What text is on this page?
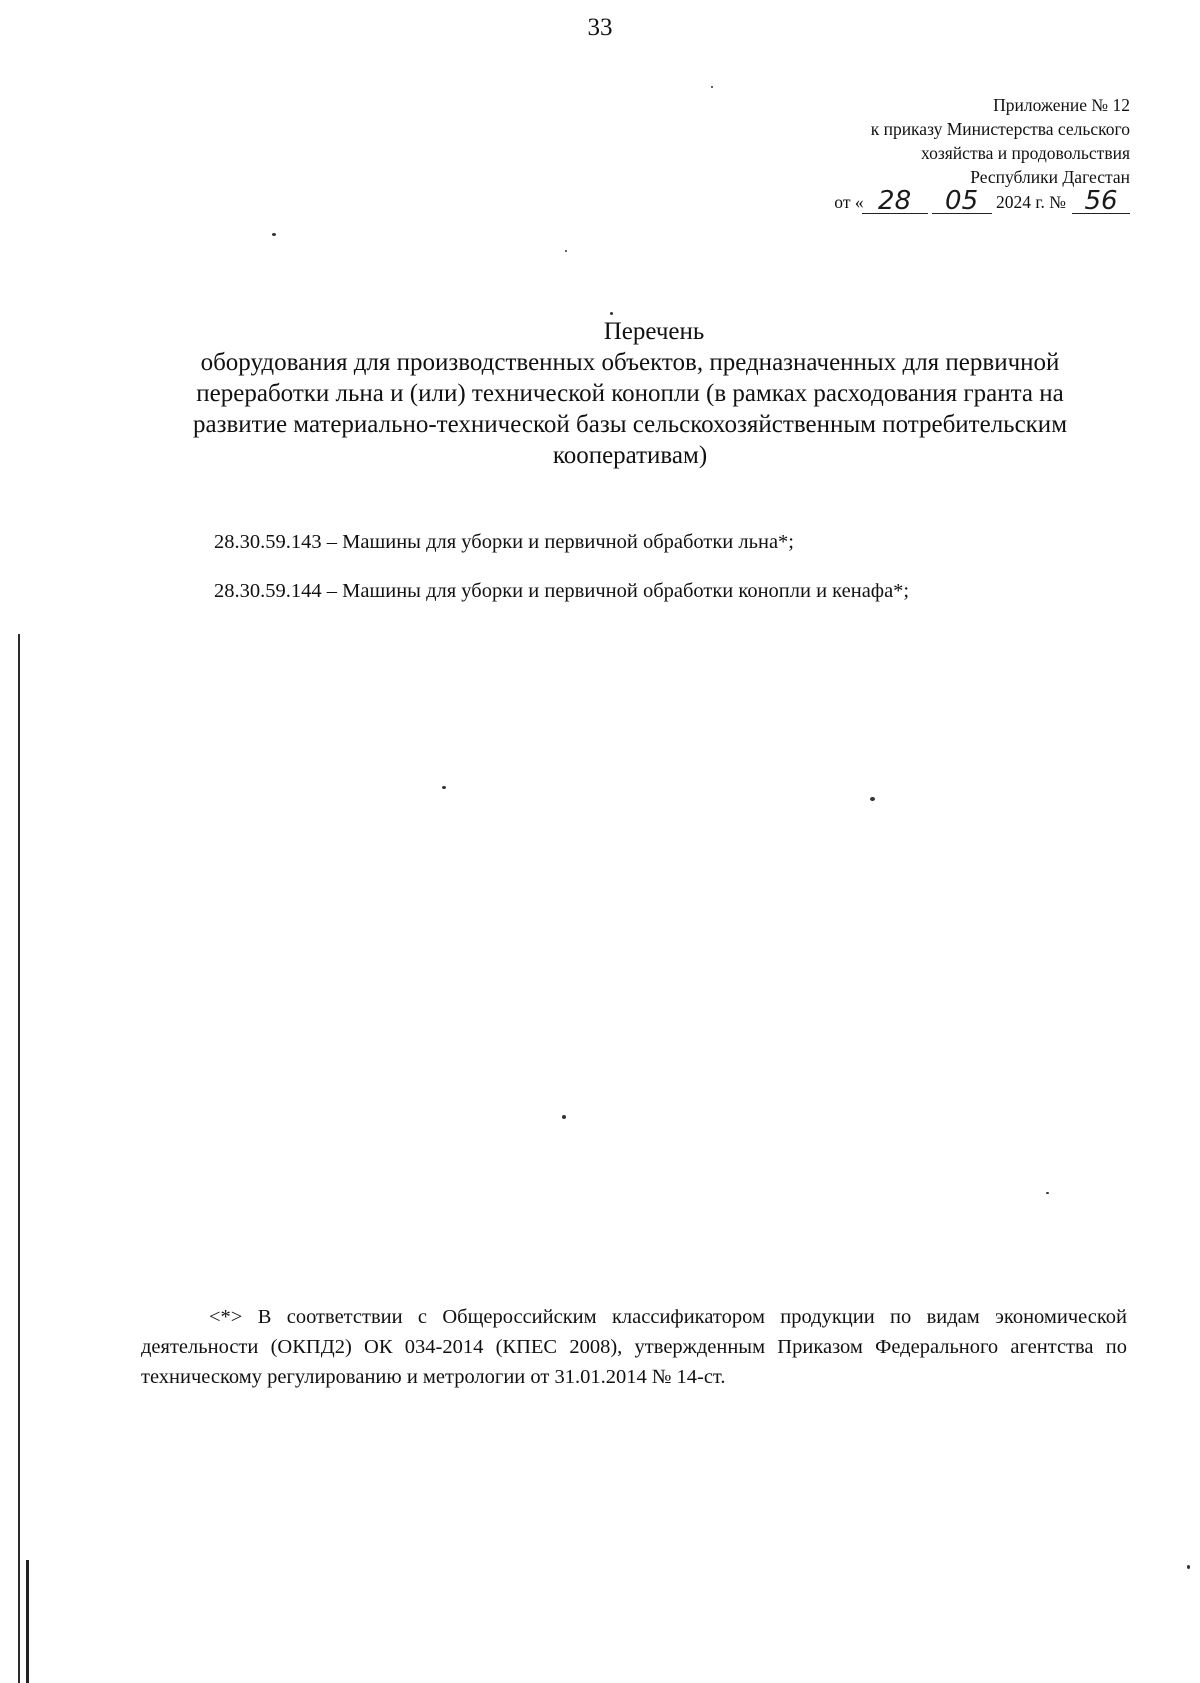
33
Приложение № 12
к приказу Министерства сельского
хозяйства и продовольствия
Республики Дагестан
от « 28 05 2024 г. № 56
Перечень
оборудования для производственных объектов, предназначенных для первичной переработки льна и (или) технической конопли (в рамках расходования гранта на развитие материально-технической базы сельскохозяйственным потребительским кооперативам)
28.30.59.143 – Машины для уборки и первичной обработки льна*;
28.30.59.144 – Машины для уборки и первичной обработки конопли и кенафа*;
<*> В соответствии с Общероссийским классификатором продукции по видам экономической деятельности (ОКПД2) ОК 034-2014 (КПЕС 2008), утвержденным Приказом Федерального агентства по техническому регулированию и метрологии от 31.01.2014 № 14-ст.
